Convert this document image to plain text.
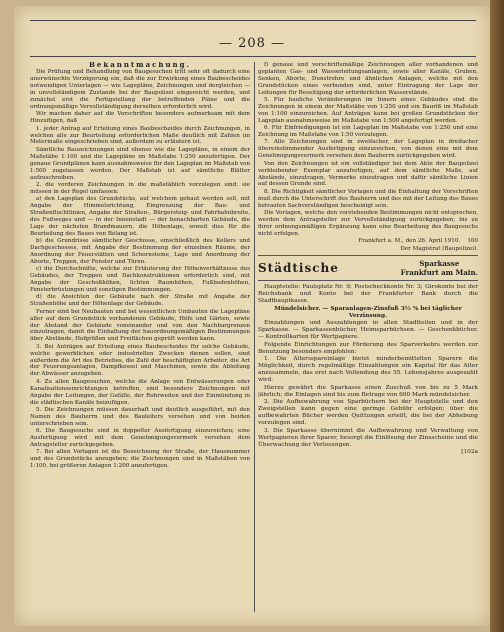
— 208 —

Bekanntmachung.

Die Prüfung und Behandlung von Baugesuchen tritt sehr oft dadurch eine unerwünschte Verzögerung ein, daß die zur Erwirkung eines Baubescheides notwendigen Unterlagen — wie Lagepläne, Zeichnungen und dergleichen — in unvollständigem Zustande bei der Baupolizei eingereicht werden, und zunächst erst die Fertigstellung der betreffenden Pläne und die ordnungsmäßige Vervollständigung derselben erforderlich wird.

Wir machen daher auf die Vorschriften besonders aufmerksam mit dem Hinzufügen, daß

1. jeder Antrag auf Erteilung eines Baubescheides durch Zeichnungen, in welchen alle zur Beurteilung erforderlichen Maße deutlich mit Zahlen im Metermaße eingeschrieben sind, außerdem zu erläutern ist.

Sämtliche Bauzeichnungen sind ebenso wie die Lagepläne, in einem der Maßstäbe 1:100 und die Lagepläne im Maßstabe 1:250 anzufertigen. Der genaue Grundplänen kann ausnahmsweise für den Lageplan im Maßstab von 1:500 zugelassen werden. Der Maßstab ist auf sämtliche Blätter aufzuschreiben.

2. die vorderen Zeichnungen in die maßstäblich vorzulegen sind: sie müssen in der Regel umfassen:

a) den Lageplan des Grundstücks, auf welchem gebaut werden soll, mit Angabe der Himmelsrichtung, Eingrenzung der Bau- und Straßenfluchtlinien, Angabe der Straßen-, Bürgersteig- und Fahrbahnbreite, des Fußweges und — in der Innenstadt — der benachbarten Gebäude, die Lage der nächsten Brandmauern, die Höhenlage, soweit dies für die Beurteilung des Baues von Belang ist.

b) die Grundrisse sämtlicher Geschosse, einschließlich des Kellers und Dachgeschosses, mit Angabe der Bestimmung der einzelnen Räume, der Anordnung der Feuerstätten und Schornsteine, Lage und Anordnung der Aborte, Treppen, der Fenster und Türen.

c) die Durchschnitte, welche zur Erläuterung der Höhenverhältnisse des Gebäudes, der Treppen und Dachkonstruktionen erforderlich sind, mit Angabe der Geschoßhöhen, lichten Raumhöhen, Fußbodenhöhen, Fensterbrüstungen und sonstigen Bestimmungen.

d) die Ansichten der Gebäude nach der Straße mit Angabe der Straßenhöhe und der Höhenlage der Gebäude.

Ferner sind bei Neubauten und bei wesentlichen Umbauten die Lagepläne aller auf dem Grundstück vorhandenen Gebäude, Höfe und Gärten, sowie der Abstand der Gebäude voneinander und von den Nachbargrenzen einzutragen, damit die Einhaltung der bauordnungsmäßigen Bestimmungen über Abstände, Hofgrößen und Freiflächen geprüft werden kann.

3. Bei Anträgen auf Erteilung eines Baubescheides für solche Gebäude, welche gewerblichen oder industriellen Zwecken dienen sollen, sind außerdem die Art des Betriebes, die Zahl der beschäftigten Arbeiter, die Art der Feuerungsanlagen, Dampfkessel und Maschinen, sowie die Ableitung der Abwässer anzugeben.

4. Zu allen Baugesuchen, welche die Anlage von Entwässerungen oder Kanalisationseinrichtungen betreffen, sind besondere Zeichnungen mit Angabe der Leitungen, der Gefälle, der Rohrweiten und der Einmündung in die städtischen Kanäle beizufügen.

5. Die Zeichnungen müssen dauerhaft und deutlich ausgeführt, mit den Namen des Bauherrn und des Bauleiters versehen und von beiden unterschrieben sein.

6. Die Baugesuche sind in doppelter Ausfertigung einzureichen; eine Ausfertigung wird mit dem Genehmigungsvermerk versehen dem Antragsteller zurückgegeben.

7. Bei allen Vorlagen ist die Bezeichnung der Straße, der Hausnummer und des Grundstücks anzugeben; die Zeichnungen sind in Maßstäben von 1:100, bei größeren Anlagen 1:200 anzufertigen.

f) genaue und vorschriftsmäßige Zeichnungen aller vorhandenen und geplanten Gas- und Wasserleitungsanlagen, sowie aller Kanäle, Gruben, Senken, Aborte, Dunstrohre und ähnlichen Anlagen, welche mit den Grundstücken eines verbunden sind, unter Eintragung der Lage der Leitungen für Beseitigung der erforderlichen Wasserstände.

5. Für bauliche Veränderungen im Innern eines Gebäudes sind die Zeichnungen in einem der Maßstäbe von 1:250 und ein Bauriß im Maßstab von 1:100 einzureichen. Auf Anträgen kann bei großen Grundstücken der Lageplan ausnahmsweise im Maßstabe von 1:500 angefertigt werden.

6. Für Einfriedigungen ist ein Lageplan im Maßstabe von 1:250 und eine Zeichnung im Maßstabe von 1:50 vorzulegen.

7. Alle Zeichnungen sind in zweifacher, der Lageplan in dreifacher übereinstimmender Ausfertigung einzureichen, von denen eine mit dem Genehmigungsvermerk versehen dem Bauherrn zurückgegeben wird.

Von den Zeichnungen ist ein vollständiger bei dem Akte der Baupolizei verbleibender Exemplar anzufertigen, auf dem sämtliche Maße, auf Abstände, einzutragen, Vermerke einzutragen und dafür sämtliche Linien auf dessen Grunde sind.

8. Die Richtigkeit sämtlicher Vorlagen und die Einhaltung der Vorschriften muß durch die Unterschrift des Bauherrn und des mit der Leitung des Baues betrauten Sachverständigen bescheinigt sein.

Die Vorlagen, welche den vorstehenden Bestimmungen nicht entsprechen, werden dem Antragsteller zur Vervollständigung zurückgegeben; bis zu ihrer ordnungsmäßigen Ergänzung kann eine Bearbeitung des Baugesuchs nicht erfolgen.

Frankfurt a. M., den 26. April 1910. 100

Der Magistrat (Baupolizei).

Städtische	Sparkasse
Frankfurt am Main.

Hauptstelle: Paulsplatz Nr. 9; Postscheckkonto Nr. 3; Girokonto bei der Reichsbank und Konto bei der Frankfurter Bank durch die Stadthauptkasse.

Mündelsicher. — Sparanlagen-Zinsfuß 3½ % bei täglicher Verzinsung.

Einzahlungen und Auszahlungen in allen Stadtteilen und in der Sparkasse. — Sparkassenbücher, Heimsparbüchsen. — Geschenkbücher. — Kontrollkarten für Wertpapiere.

Folgende Einrichtungen zur Förderung des Sparverkehrs werden zur Benutzung besonders empfohlen:

1. Die Altersspareinlage bietet minderbemittelten Sparern die Möglichkeit, durch regelmäßige Einzahlungen ein Kapital für das Alter anzusammeln, das erst nach Vollendung des 55. Lebensjahres ausgezahlt wird.

Hierzu gewährt die Sparkasse einen Zuschuß von bis zu 5 Mark jährlich; die Einlagen sind bis zum Betrage von 600 Mark mündelsicher.

2. Die Aufbewahrung von Sparbüchern bei der Hauptstelle und den Zweigstellen kann gegen eine geringe Gebühr erfolgen; über die aufbewahrten Bücher werden Quittungen erteilt, die bei der Abhebung vorzulegen sind.

3. Die Sparkasse übernimmt die Aufbewahrung und Verwaltung von Wertpapieren ihrer Sparer, besorgt die Einlösung der Zinsscheine und die Überwachung der Verlosungen.

[102a
